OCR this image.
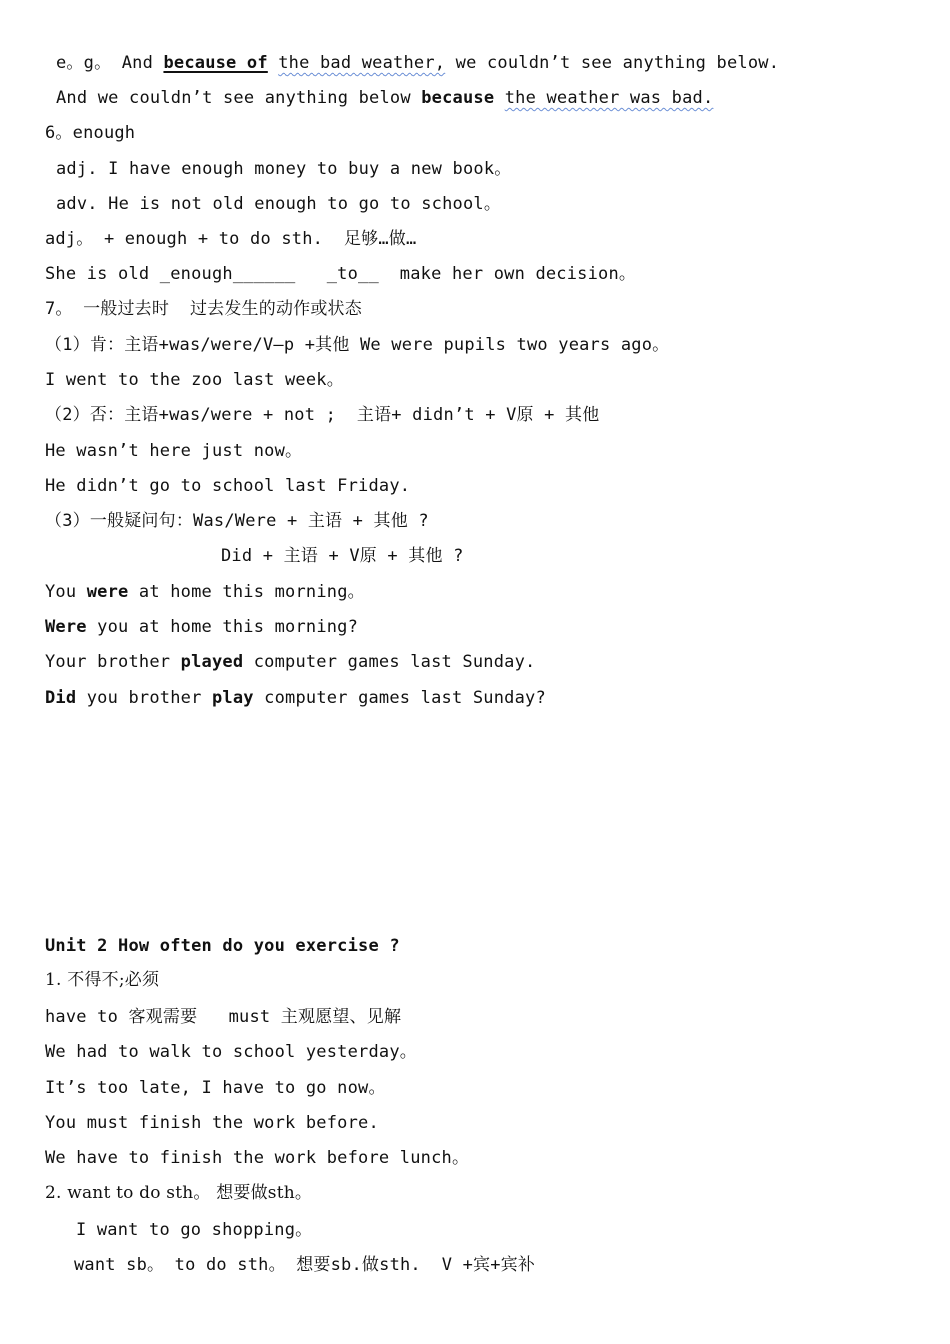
e。g。 And because of the bad weather, we couldn’t see anything below.
And we couldn’t see anything below because the weather was bad.
6。enough
adj. I have enough money to buy a new book。
adv. He is not old enough to go to school。
adj。 + enough + to do sth.  足够…做…
She is old _enough______   _to__  make her own decision。
7。 一般过去时  过去发生的动作或状态
（1）肯：主语+was/were/V—p +其他 We were pupils two years ago。
I went to the zoo last week。
（2）否：主语+was/were + not ;  主语+ didn’t + V原 + 其他
He wasn’t here just now。
He didn’t go to school last Friday.
（3）一般疑问句：Was/Were + 主语 + 其他 ?
Did + 主语 + V原 + 其他 ?
You were at home this morning。
Were you at home this morning?
Your brother played computer games last Sunday.
Did you brother play computer games last Sunday?
Unit 2 How often do you exercise ?
1. 不得不;必须
have to 客观需要   must 主观愿望、见解
We had to walk to school yesterday。
It’s too late, I have to go now。
You must finish the work before.
We have to finish the work before lunch。
2. want to do sth。 想要做sth。
I want to go shopping。
want sb。 to do sth。 想要sb.做sth.  V +宾+宾补
